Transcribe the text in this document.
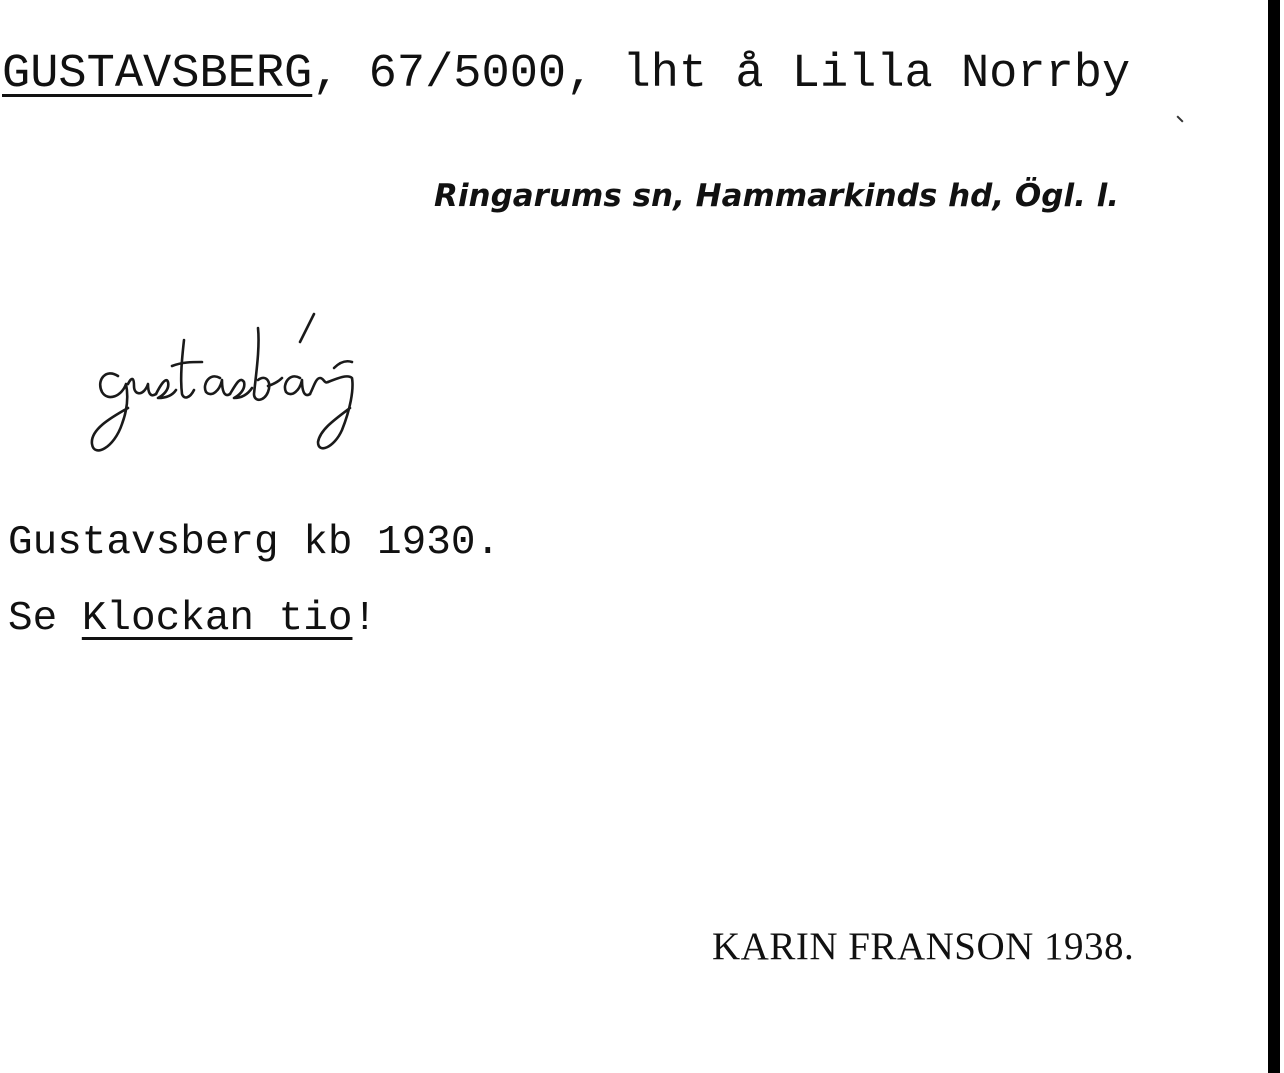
GUSTAVSBERG, 67/5000, lht å Lilla Norrby
Ringarums sn, Hammarkinds hd, Ögl. l.
Gustavsberg kb 1930.
Se Klockan tio!
KARIN FRANSON 1938.
